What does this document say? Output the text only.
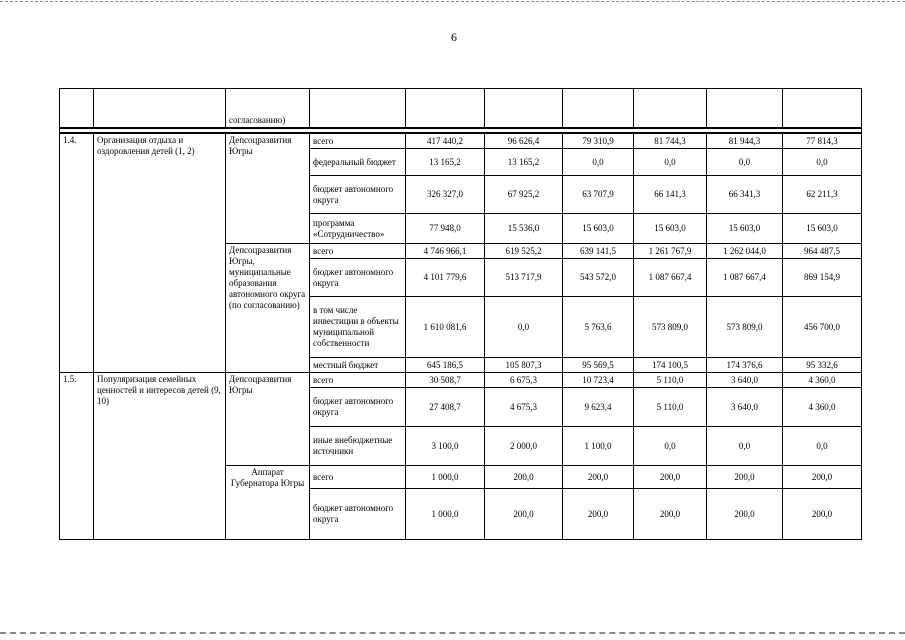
6
		согласованию)							

1.4.	Организация отдыха и оздоровления детей (1, 2)	Депсоцразвития Югры	всего	417 440,2	96 626,4	79 310,9	81 744,3	81 944,3	77 814,3
			федеральный бюджет	13 165,2	13 165,2	0,0	0,0	0,0	0,0
			бюджет автономного округа	326 327,0	67 925,2	63 707,9	66 141,3	66 341,3	62 211,3
			программа «Сотрудничество»	77 948,0	15 536,0	15 603,0	15 603,0	15 603,0	15 603,0
		Депсоцразвития Югры, муниципальные образования автономного округа (по согласованию)	всего	4 746 966,1	619 525,2	639 141,5	1 261 767,9	1 262 044,0	964 487,5
			бюджет автономного округа	4 101 779,6	513 717,9	543 572,0	1 087 667,4	1 087 667,4	869 154,9
			в том числе инвестиции в объекты муниципальной собственности	1 610 081,6	0,0	5 763,6	573 809,0	573 809,0	456 700,0
			местный бюджет	645 186,5	105 807,3	95 569,5	174 100,5	174 376,6	95 332,6
1.5.	Популяризация семейных ценностей и интересов детей (9, 10)	Депсоцразвития Югры	всего	30 508,7	6 675,3	10 723,4	5 110,0	3 640,0	4 360,0
			бюджет автономного округа	27 408,7	4 675,3	9 623,4	5 110,0	3 640,0	4 360,0
			иные внебюджетные источники	3 100,0	2 000,0	1 100,0	0,0	0,0	0,0
		Аппарат Губернатора Югры	всего	1 000,0	200,0	200,0	200,0	200,0	200,0
			бюджет автономного округа	1 000,0	200,0	200,0	200,0	200,0	200,0
